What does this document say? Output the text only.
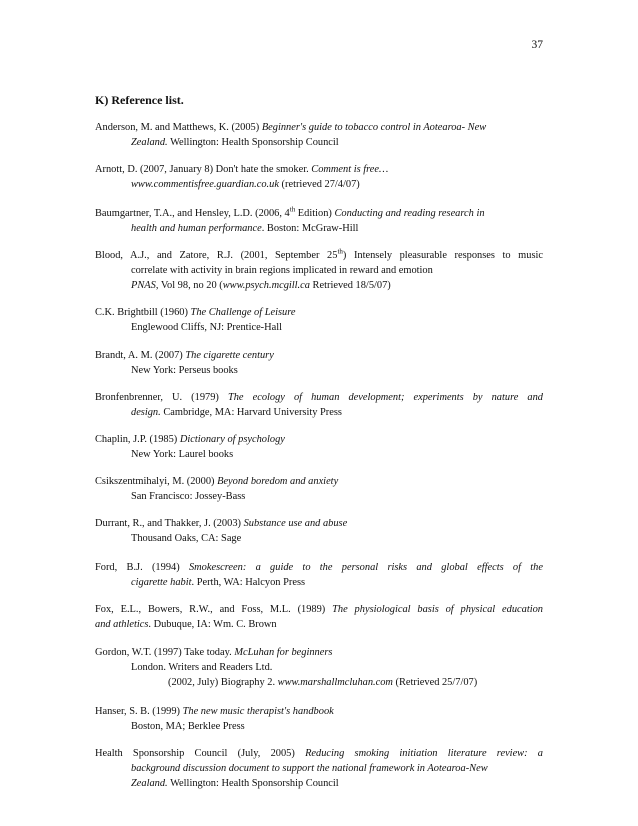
37
K) Reference list.
Anderson, M. and Matthews, K. (2005) Beginner's guide to tobacco control in Aotearoa- New
Zealand. Wellington: Health Sponsorship Council
Arnott, D. (2007, January 8) Don't hate the smoker. Comment is free…
www.commentisfree.guardian.co.uk (retrieved 27/4/07)
Baumgartner, T.A., and Hensley, L.D. (2006, 4th Edition) Conducting and reading research in
health and human performance. Boston: McGraw-Hill
Blood, A.J., and Zatore, R.J. (2001, September 25th) Intensely pleasurable responses to music
correlate with activity in brain regions implicated in reward and emotion
PNAS, Vol 98, no 20 (www.psych.mcgill.ca Retrieved 18/5/07)
C.K. Brightbill (1960) The Challenge of Leisure
Englewood Cliffs, NJ: Prentice-Hall
Brandt, A. M. (2007) The cigarette century
New York: Perseus books
Bronfenbrenner, U. (1979) The ecology of human development; experiments by nature and
design. Cambridge, MA: Harvard University Press
Chaplin, J.P. (1985) Dictionary of psychology
New York: Laurel books
Csikszentmihalyi, M. (2000) Beyond boredom and anxiety
San Francisco: Jossey-Bass
Durrant, R., and Thakker, J. (2003) Substance use and abuse
Thousand Oaks, CA: Sage
Ford, B.J. (1994) Smokescreen: a guide to the personal risks and global effects of the
cigarette habit. Perth, WA: Halcyon Press
Fox, E.L., Bowers, R.W., and Foss, M.L. (1989) The physiological basis of physical education
and athletics. Dubuque, IA: Wm. C. Brown
Gordon, W.T. (1997) Take today. McLuhan for beginners
London. Writers and Readers Ltd.
(2002, July) Biography 2. www.marshallmcluhan.com (Retrieved 25/7/07)
Hanser, S. B. (1999) The new music therapist's handbook
Boston, MA; Berklee Press
Health Sponsorship Council (July, 2005) Reducing smoking initiation literature review: a
background discussion document to support the national framework in Aotearoa-New
Zealand. Wellington: Health Sponsorship Council
